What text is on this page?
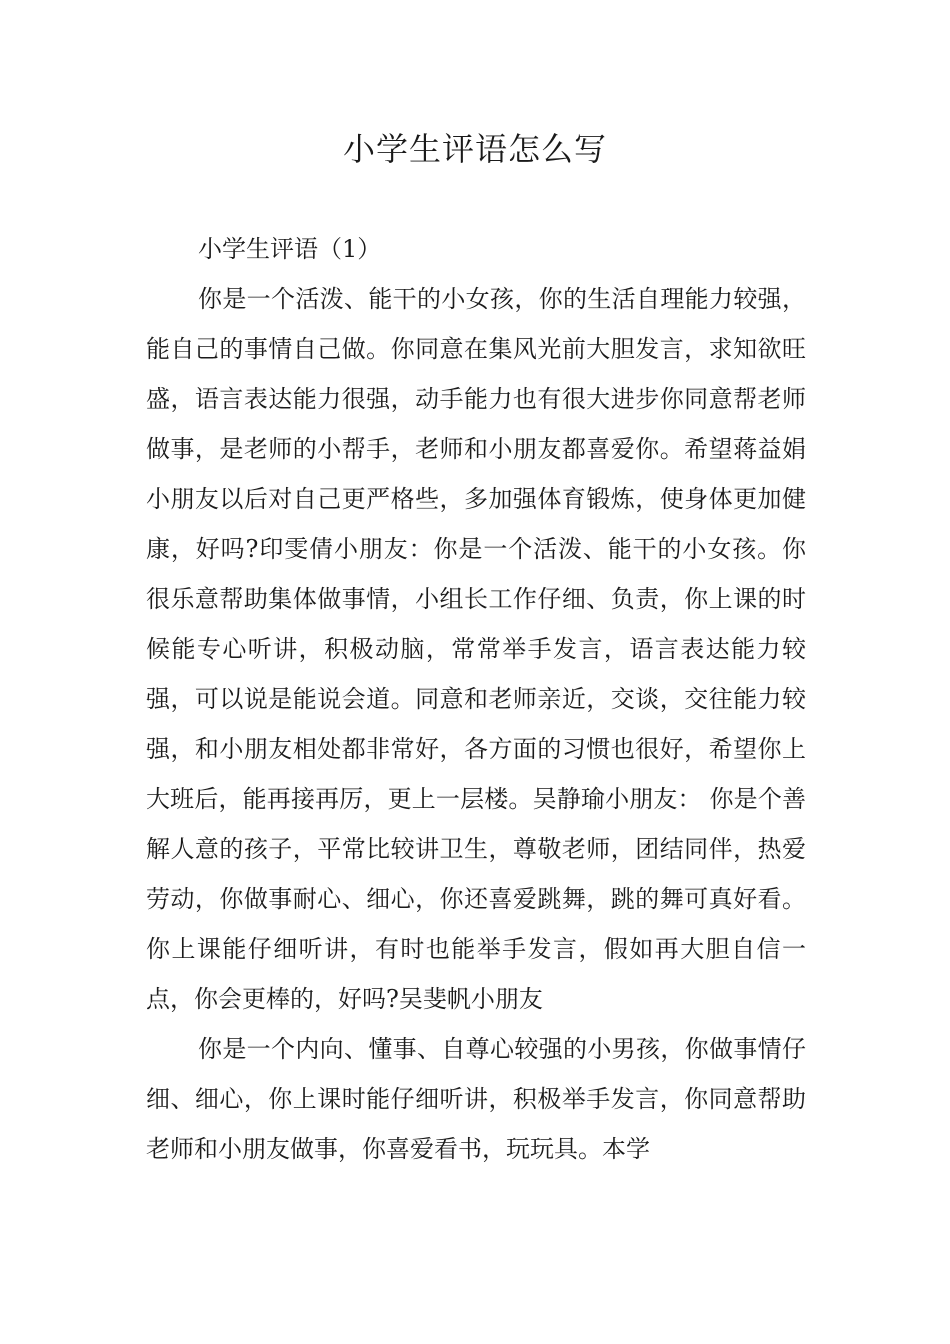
小学生评语怎么写

小学生评语（1）

你是一个活泼、能干的小女孩，你的生活自理能力较强，能自己的事情自己做。你同意在集风光前大胆发言，求知欲旺盛，语言表达能力很强，动手能力也有很大进步你同意帮老师做事，是老师的小帮手，老师和小朋友都喜爱你。希望蒋益娟小朋友以后对自己更严格些，多加强体育锻炼，使身体更加健康，好吗?印雯倩小朋友：你是一个活泼、能干的小女孩。你很乐意帮助集体做事情，小组长工作仔细、负责，你上课的时候能专心听讲，积极动脑，常常举手发言，语言表达能力较强，可以说是能说会道。同意和老师亲近，交谈，交往能力较强，和小朋友相处都非常好，各方面的习惯也很好，希望你上大班后，能再接再厉，更上一层楼。吴静瑜小朋友： 你是个善解人意的孩子，平常比较讲卫生，尊敬老师，团结同伴，热爱劳动，你做事耐心、细心，你还喜爱跳舞，跳的舞可真好看。你上课能仔细听讲，有时也能举手发言，假如再大胆自信一点，你会更棒的，好吗?吴斐帆小朋友

你是一个内向、懂事、自尊心较强的小男孩，你做事情仔细、细心，你上课时能仔细听讲，积极举手发言，你同意帮助老师和小朋友做事，你喜爱看书，玩玩具。本学
